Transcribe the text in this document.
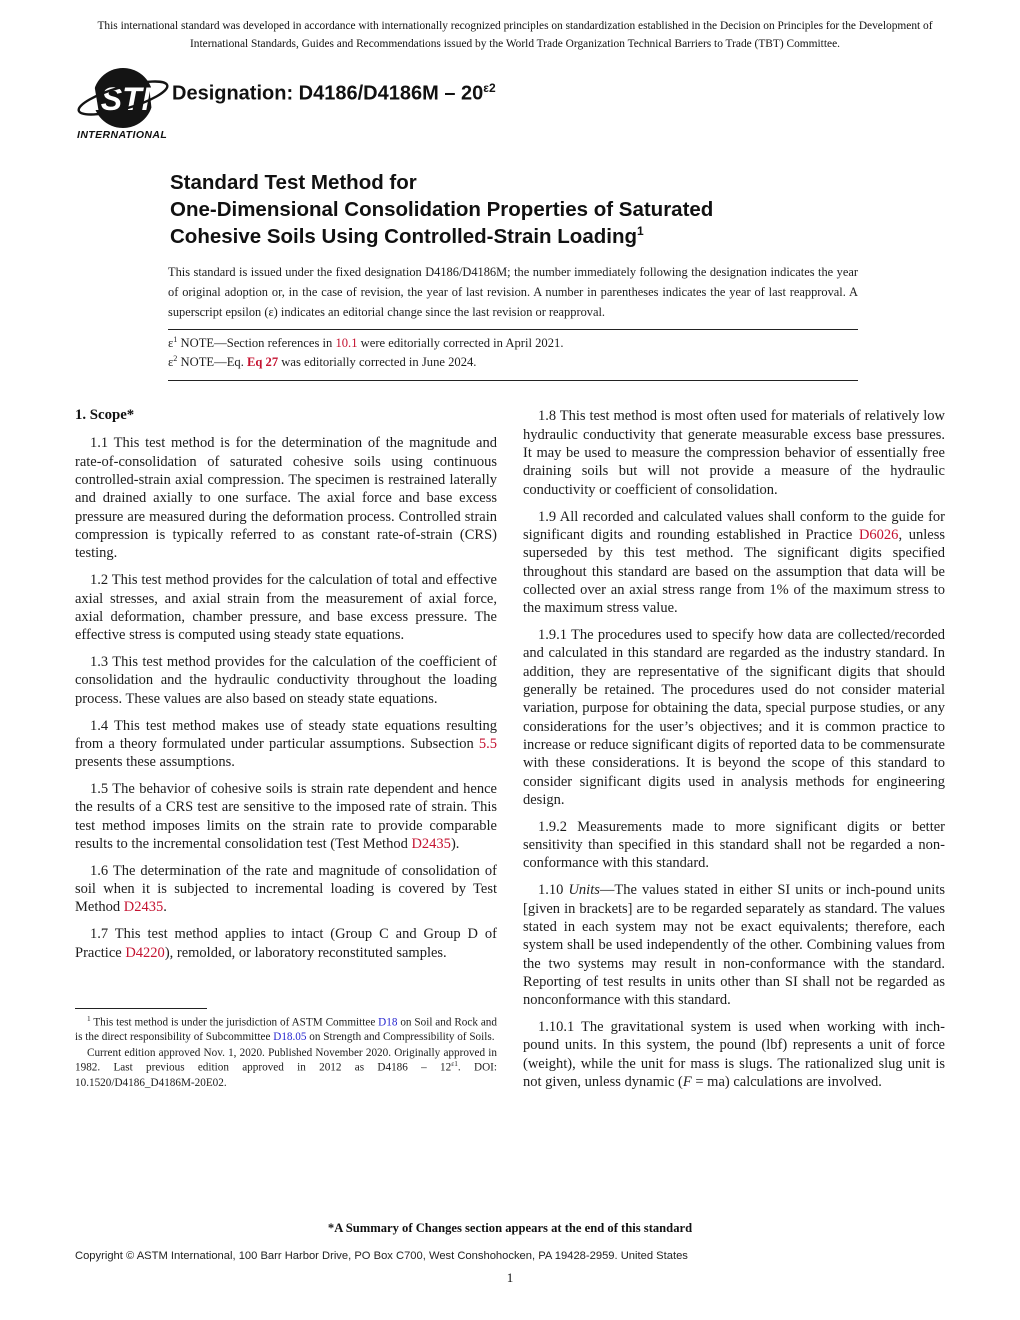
This international standard was developed in accordance with internationally recognized principles on standardization established in the Decision on Principles for the Development of International Standards, Guides and Recommendations issued by the World Trade Organization Technical Barriers to Trade (TBT) Committee.
ASTM
INTERNATIONAL
Designation: $D4186/D4186M - 20^{\varepsilon 2}$
Standard Test Method for
One-Dimensional Consolidation Properties of Saturated
Cohesive Soils Using Controlled-Strain Loading$^1$
This standard is issued under the fixed designation D4186/D4186M; the number immediately following the designation indicates the year of original adoption or, in the case of revision, the year of last revision. A number in parentheses indicates the year of last reapproval. A superscript epsilon (ε) indicates an editorial change since the last revision or reapproval.

$\varepsilon^1$ NOTE—Section references in 10.1 were editorially corrected in April 2021.

$\varepsilon^2$ NOTE—Eq. Eq 27 was editorially corrected in June 2024.

1. Scope*

1.1 This test method is for the determination of the magnitude and rate-of-consolidation of saturated cohesive soils using continuous controlled-strain axial compression. The specimen is restrained laterally and drained axially to one surface. The axial force and base excess pressure are measured during the deformation process. Controlled strain compression is typically referred to as constant rate-of-strain (CRS) testing.

1.2 This test method provides for the calculation of total and effective axial stresses, and axial strain from the measurement of axial force, axial deformation, chamber pressure, and base excess pressure. The effective stress is computed using steady state equations.

1.3 This test method provides for the calculation of the coefficient of consolidation and the hydraulic conductivity throughout the loading process. These values are also based on steady state equations.

1.4 This test method makes use of steady state equations resulting from a theory formulated under particular assumptions. Subsection 5.5 presents these assumptions.

1.5 The behavior of cohesive soils is strain rate dependent and hence the results of a CRS test are sensitive to the imposed rate of strain. This test method imposes limits on the strain rate to provide comparable results to the incremental consolidation test (Test Method D2435).

1.6 The determination of the rate and magnitude of consolidation of soil when it is subjected to incremental loading is covered by Test Method D2435.

1.7 This test method applies to intact (Group C and Group D of Practice D4220), remolded, or laboratory reconstituted samples.

$^1$ This test method is under the jurisdiction of ASTM Committee D18 on Soil and Rock and is the direct responsibility of Subcommittee D18.05 on Strength and Compressibility of Soils.

Current edition approved Nov. 1, 2020. Published November 2020. Originally approved in 1982. Last previous edition approved in 2012 as $D4186 - 12^{\varepsilon 1}$. DOI: 10.1520/D4186_D4186M-20E02.

1.8 This test method is most often used for materials of relatively low hydraulic conductivity that generate measurable excess base pressures. It may be used to measure the compression behavior of essentially free draining soils but will not provide a measure of the hydraulic conductivity or coefficient of consolidation.

1.9 All recorded and calculated values shall conform to the guide for significant digits and rounding established in Practice D6026, unless superseded by this test method. The significant digits specified throughout this standard are based on the assumption that data will be collected over an axial stress range from 1% of the maximum stress to the maximum stress value.

1.9.1 The procedures used to specify how data are collected/recorded and calculated in this standard are regarded as the industry standard. In addition, they are representative of the significant digits that should generally be retained. The procedures used do not consider material variation, purpose for obtaining the data, special purpose studies, or any considerations for the user’s objectives; and it is common practice to increase or reduce significant digits of reported data to be commensurate with these considerations. It is beyond the scope of this standard to consider significant digits used in analysis methods for engineering design.

1.9.2 Measurements made to more significant digits or better sensitivity than specified in this standard shall not be regarded a non-conformance with this standard.

1.10 Units—The values stated in either SI units or inch-pound units [given in brackets] are to be regarded separately as standard. The values stated in each system may not be exact equivalents; therefore, each system shall be used independently of the other. Combining values from the two systems may result in non-conformance with the standard. Reporting of test results in units other than SI shall not be regarded as nonconformance with this standard.

1.10.1 The gravitational system is used when working with inch-pound units. In this system, the pound (lbf) represents a unit of force (weight), while the unit for mass is slugs. The rationalized slug unit is not given, unless dynamic (F = ma) calculations are involved.

*A Summary of Changes section appears at the end of this standard
Copyright © ASTM International, 100 Barr Harbor Drive, PO Box C700, West Conshohocken, PA 19428-2959. United States
1
